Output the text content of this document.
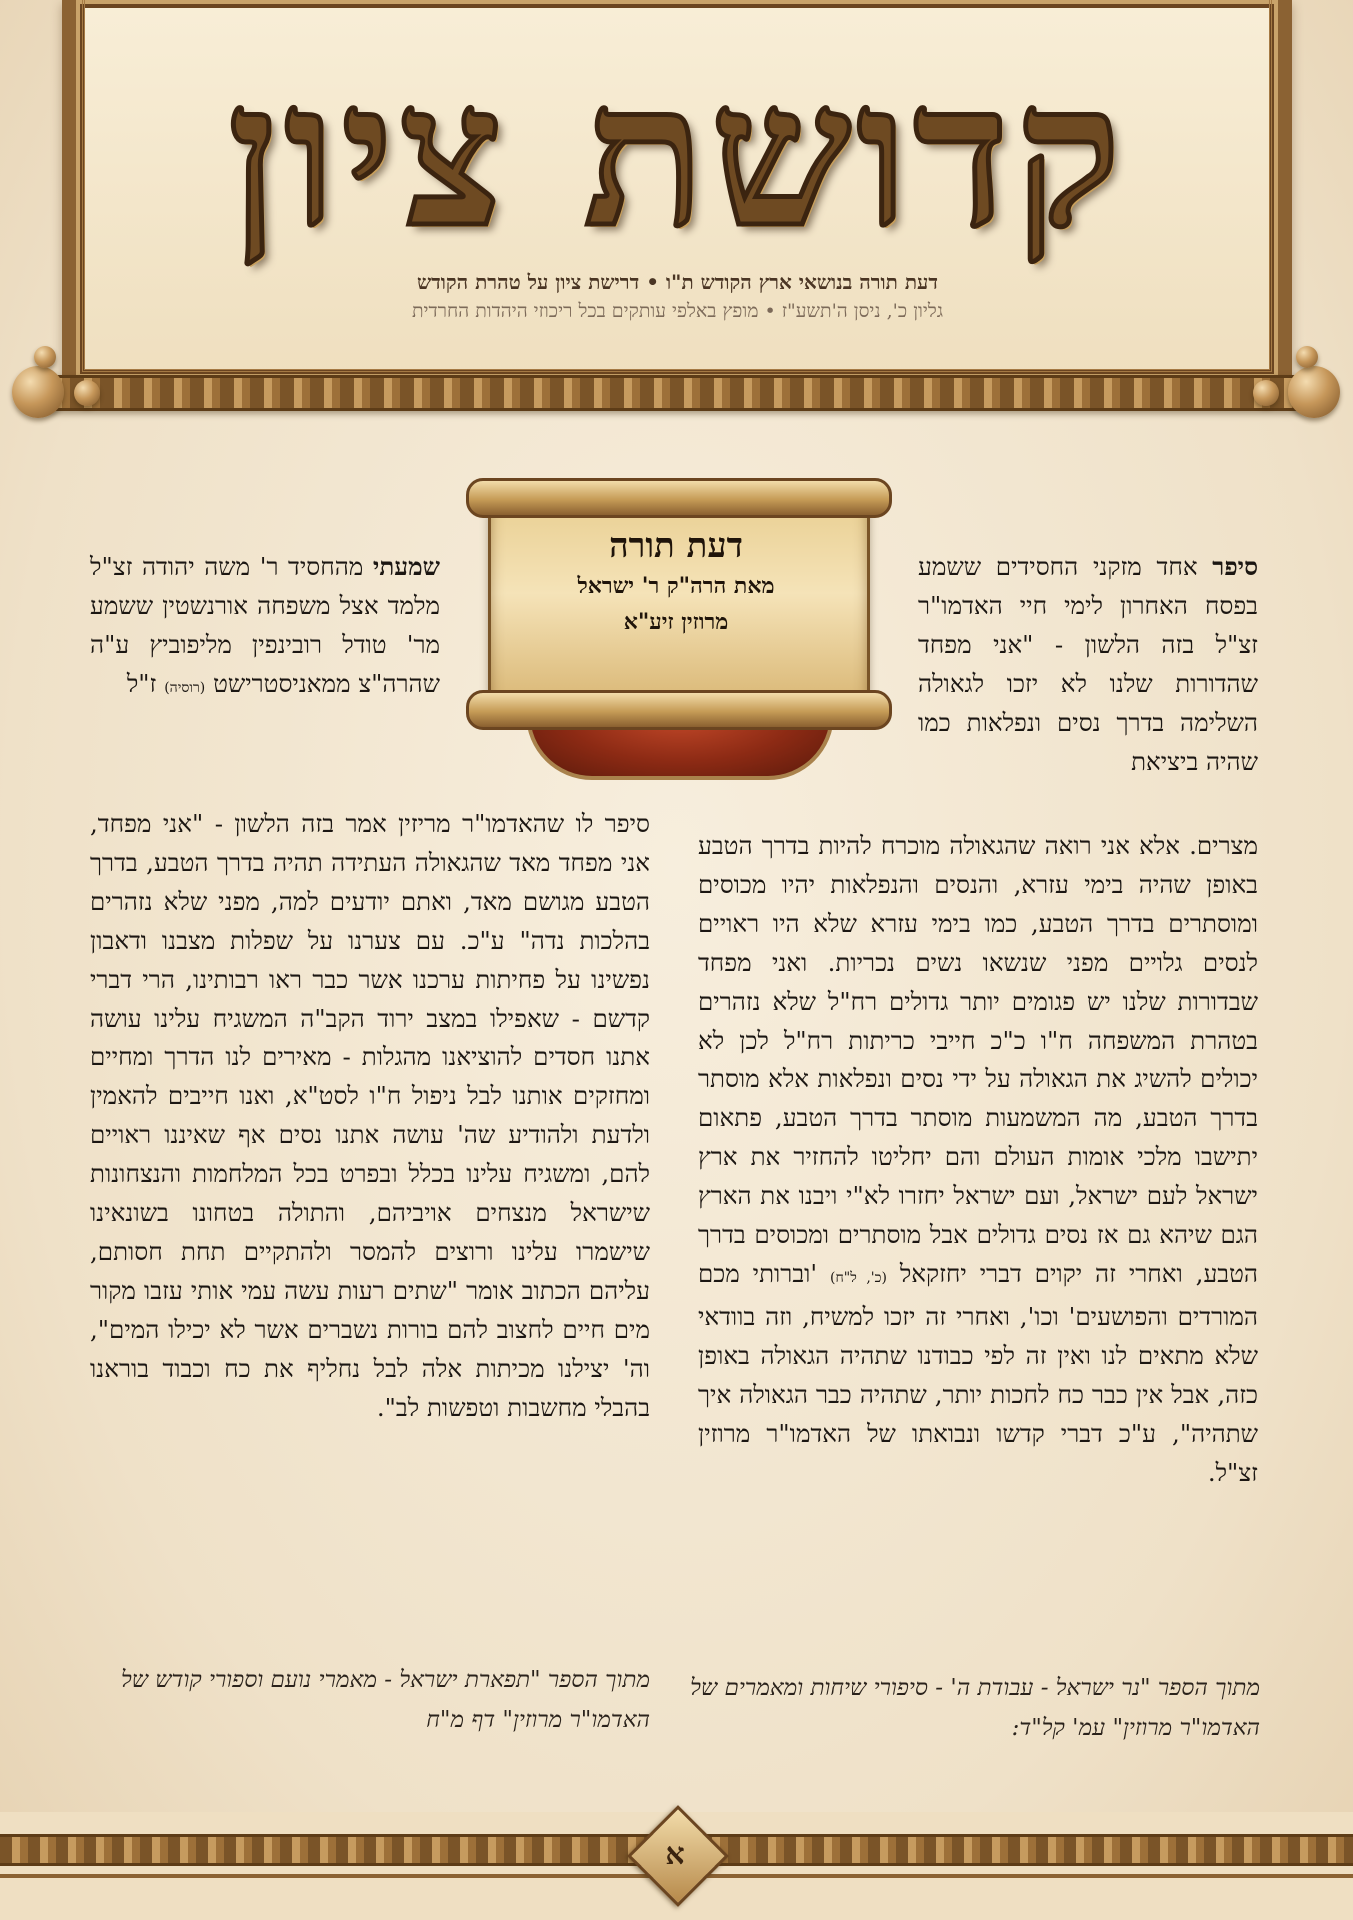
קדושת ציון
דעת תורה בנושאי ארץ הקודש ת"ו • דרישת ציון על טהרת הקודש
גליון כ', ניסן ה'תשע"ז • מופץ באלפי עותקים בכל ריכוזי היהדות החרדית
דעת תורה
מאת הרה"ק ר' ישראל
מרוזין זיע"א

סיפר אחד מזקני החסידים ששמע בפסח האחרון לימי חיי האדמו"ר זצ"ל בזה הלשון - "אני מפחד שהדורות שלנו לא יזכו לגאולה השלימה בדרך נסים ונפלאות כמו שהיה ביציאת

מצרים. אלא אני רואה שהגאולה מוכרח להיות בדרך הטבע באופן שהיה בימי עזרא, והנסים והנפלאות יהיו מכוסים ומוסתרים בדרך הטבע, כמו בימי עזרא שלא היו ראויים לנסים גלויים מפני שנשאו נשים נכריות. ואני מפחד שבדורות שלנו יש פגומים יותר גדולים רח"ל שלא נזהרים בטהרת המשפחה ח"ו כ"כ חייבי כריתות רח"ל לכן לא יכולים להשיג את הגאולה על ידי נסים ונפלאות אלא מוסתר בדרך הטבע, מה המשמעות מוסתר בדרך הטבע, פתאום יתישבו מלכי אומות העולם והם יחליטו להחזיר את ארץ ישראל לעם ישראל, ועם ישראל יחזרו לא"י ויבנו את הארץ הגם שיהא גם אז נסים גדולים אבל מוסתרים ומכוסים בדרך הטבע, ואחרי זה יקוים דברי יחזקאל (כ', ל"ח) 'וברותי מכם המורדים והפושעים' וכו', ואחרי זה יזכו למשיח, וזה בוודאי שלא מתאים לנו ואין זה לפי כבודנו שתהיה הגאולה באופן כזה, אבל אין כבר כח לחכות יותר, שתהיה כבר הגאולה איך שתהיה", ע"כ דברי קדשו ונבואתו של האדמו"ר מרוזין זצ"ל.

מתוך הספר "נר ישראל - עבודת ה' - סיפורי שיחות ומאמרים של האדמו"ר מרוזין" עמ' קל"ד:

שמעתי מהחסיד ר' משה יהודה זצ"ל מלמד אצל משפחה אורנשטין ששמע מר' טודל רובינפין מליפוביץ ע"ה שהרה"צ ממאניסטרישט (רוסיה) ז"ל

סיפר לו שהאדמו"ר מריזין אמר בזה הלשון - "אני מפחד, אני מפחד מאד שהגאולה העתידה תהיה בדרך הטבע, בדרך הטבע מגושם מאד, ואתם יודעים למה, מפני שלא נזהרים בהלכות נדה" ע"כ. עם צערנו על שפלות מצבנו ודאבון נפשינו על פחיתות ערכנו אשר כבר ראו רבותינו, הרי דברי קדשם - שאפילו במצב ירוד הקב"ה המשגיח עלינו עושה אתנו חסדים להוציאנו מהגלות - מאירים לנו הדרך ומחיים ומחזקים אותנו לבל ניפול ח"ו לסט"א, ואנו חייבים להאמין ולדעת ולהודיע שה' עושה אתנו נסים אף שאיננו ראויים להם, ומשגיח עלינו בכלל ובפרט בכל המלחמות והנצחונות שישראל מנצחים אויביהם, והתולה בטחונו בשונאינו שישמרו עלינו ורוצים להמסר ולהתקיים תחת חסותם, עליהם הכתוב אומר "שתים רעות עשה עמי אותי עזבו מקור מים חיים לחצוב להם בורות נשברים אשר לא יכילו המים", וה' יצילנו מכיתות אלה לבל נחליף את כח וכבוד בוראנו בהבלי מחשבות וטפשות לב".

מתוך הספר "תפארת ישראל - מאמרי נועם וספורי קודש של האדמו"ר מרוזין" דף מ"ח
א
